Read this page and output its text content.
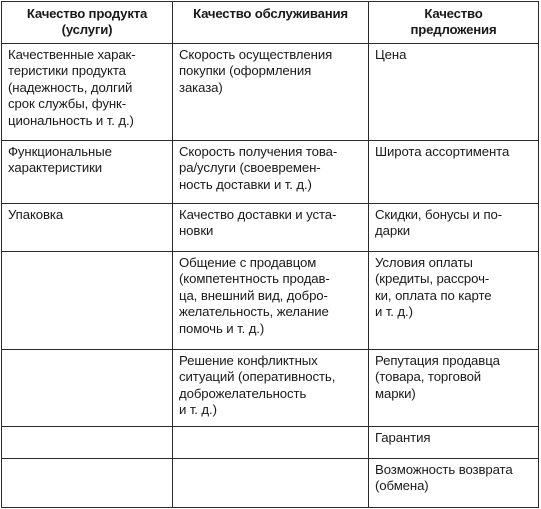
Качество продукта
(услуги)	Качество обслуживания	Качество
предложения

Качественные харак-
теристики продукта
(надежность, долгий
срок службы, функ-
циональность и т. д.)	Скорость осуществления
покупки (оформления
заказа)	Цена

Функциональные
характеристики	Скорость получения това-
ра/услуги (своевремен-
ность доставки и т. д.)	Широта ассортимента

Упаковка	Качество доставки и уста-
новки	Скидки, бонусы и по-
дарки

	Общение с продавцом
(компетентность продав-
ца, внешний вид, добро-
желательность, желание
помочь и т. д.)	Условия оплаты
(кредиты, рассроч-
ки, оплата по карте
и т. д.)

	Решение конфликтных
ситуаций (оперативность,
доброжелательность
и т. д.)	Репутация продавца
(товара, торговой
марки)

		Гарантия

		Возможность возврата
(обмена)
